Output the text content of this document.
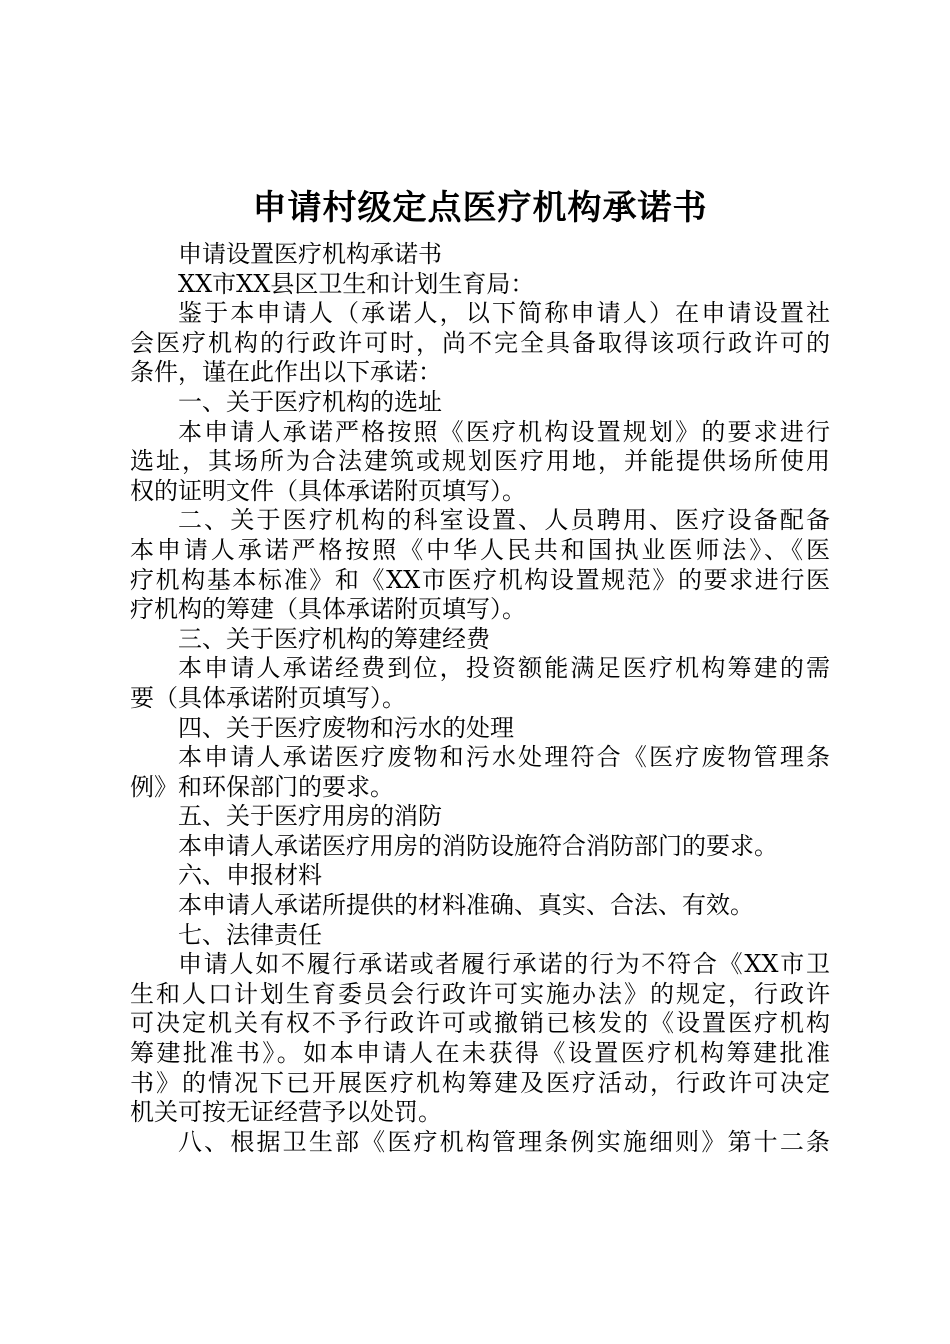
申请村级定点医疗机构承诺书

申请设置医疗机构承诺书

XX市XX县区卫生和计划生育局：

鉴于本申请人（承诺人，以下简称申请人）在申请设置社

会医疗机构的行政许可时，尚不完全具备取得该项行政许可的

条件，谨在此作出以下承诺：

一、关于医疗机构的选址

本申请人承诺严格按照《医疗机构设置规划》的要求进行

选址，其场所为合法建筑或规划医疗用地，并能提供场所使用

权的证明文件（具体承诺附页填写）。

二、关于医疗机构的科室设置、人员聘用、医疗设备配备

本申请人承诺严格按照《中华人民共和国执业医师法》、《医

疗机构基本标准》和《XX市医疗机构设置规范》的要求进行医

疗机构的筹建（具体承诺附页填写）。

三、关于医疗机构的筹建经费

本申请人承诺经费到位，投资额能满足医疗机构筹建的需

要（具体承诺附页填写）。

四、关于医疗废物和污水的处理

本申请人承诺医疗废物和污水处理符合《医疗废物管理条

例》和环保部门的要求。

五、关于医疗用房的消防

本申请人承诺医疗用房的消防设施符合消防部门的要求。

六、申报材料

本申请人承诺所提供的材料准确、真实、合法、有效。

七、法律责任

申请人如不履行承诺或者履行承诺的行为不符合《XX市卫

生和人口计划生育委员会行政许可实施办法》的规定，行政许

可决定机关有权不予行政许可或撤销已核发的《设置医疗机构

筹建批准书》。如本申请人在未获得《设置医疗机构筹建批准

书》的情况下已开展医疗机构筹建及医疗活动，行政许可决定

机关可按无证经营予以处罚。

八、根据卫生部《医疗机构管理条例实施细则》第十二条
